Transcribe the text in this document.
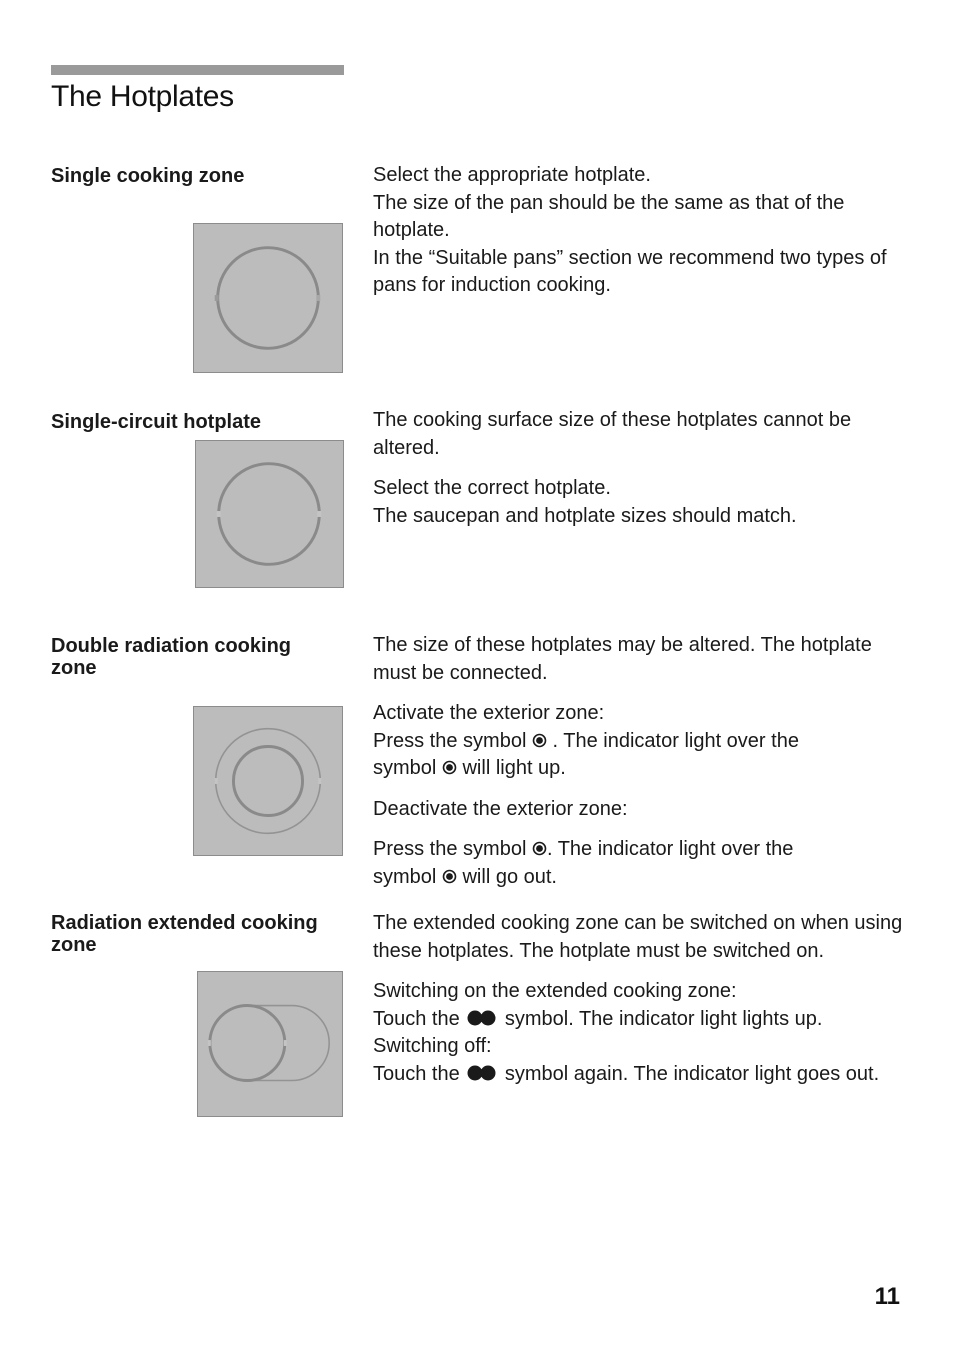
The Hotplates
Single cooking zone	Select the appropriate hotplate.
The size of the pan should be the same as that of the hotplate.
In the “Suitable pans” section we recommend two types of pans for induction cooking.

Single-circuit hotplate	The cooking surface size of these hotplates cannot be altered.

Select the correct hotplate.
The saucepan and hotplate sizes should match.

Double radiation cooking zone

The size of these hotplates may be altered. The hotplate must be connected.

Activate the exterior zone:
Press the symbol . The indicator light over the
symbol will light up.

Deactivate the exterior zone:

Press the symbol . The indicator light over the
symbol will go out.

Radiation extended cooking zone

The extended cooking zone can be switched on when using these hotplates. The hotplate must be switched on.

Switching on the extended cooking zone:
Touch the symbol. The indicator light lights up.
Switching off:
Touch the symbol again. The indicator light goes out.

11
